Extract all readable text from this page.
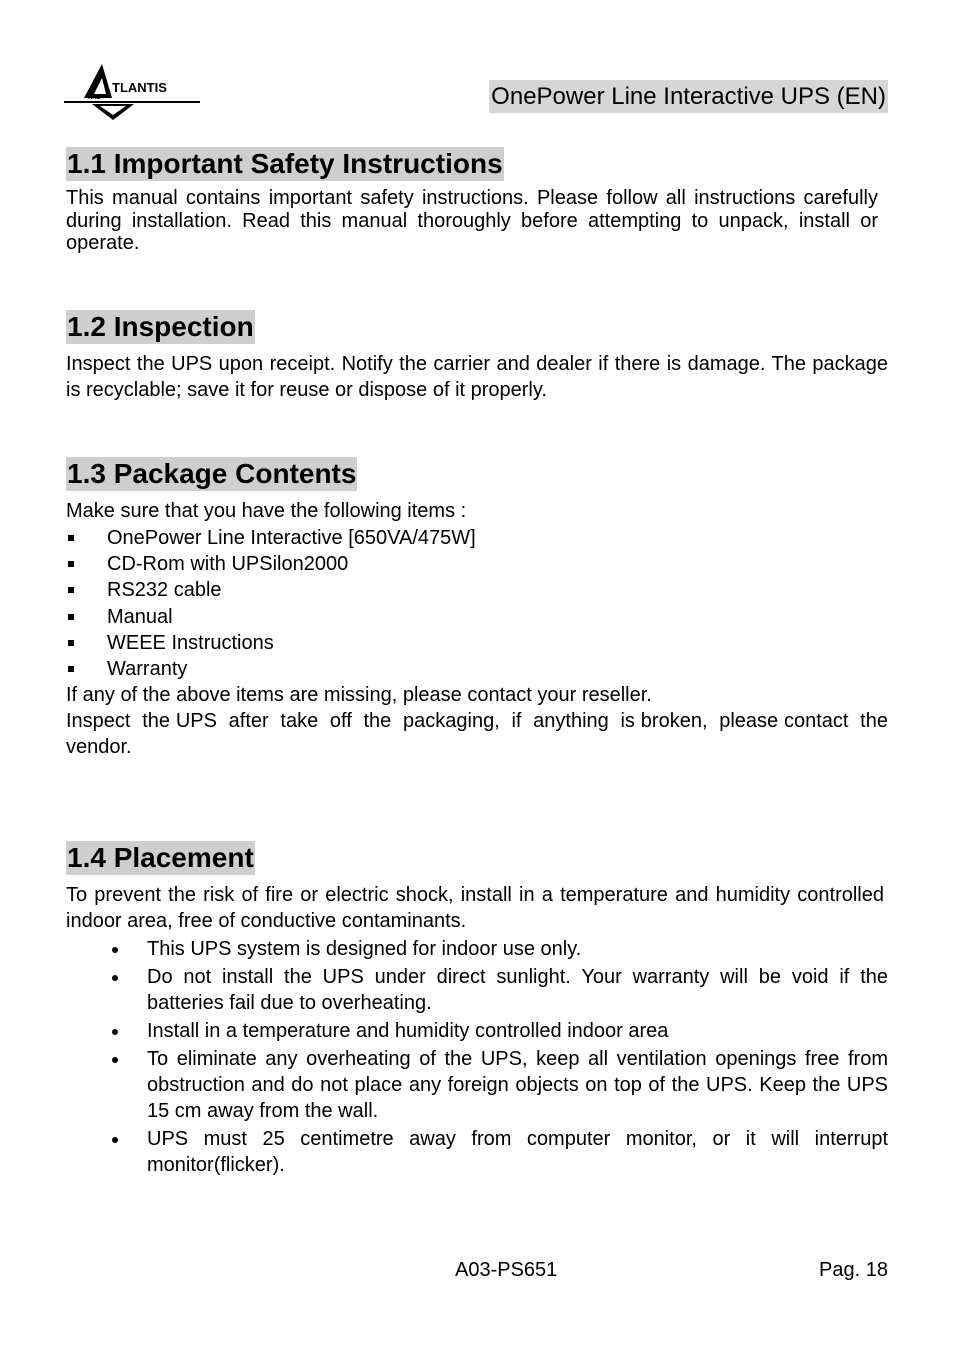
TLANTIS
AND	OnePower Line Interactive UPS (EN)
1.1 Important Safety Instructions

This manual contains important safety instructions. Please follow all instructions carefully during installation. Read this manual thoroughly before attempting to unpack, install or operate.

1.2 Inspection

Inspect the UPS upon receipt. Notify the carrier and dealer if there is damage. The package is recyclable; save it for reuse or dispose of it properly.

1.3 Package Contents

Make sure that you have the following items :

OnePower Line Interactive [650VA/475W]
CD-Rom with UPSilon2000
RS232 cable
Manual
WEEE Instructions
Warranty

If any of the above items are missing, please contact your reseller.

Inspect  the UPS  after  take  off  the  packaging,  if  anything  is broken,  please contact  the   vendor.

1.4 Placement

To prevent the risk of fire or electric shock, install in a temperature and humidity controlled indoor area, free of conductive contaminants.

This UPS system is designed for indoor use only.
Do not install the UPS under direct sunlight. Your warranty will be void if the batteries fail due to overheating.
Install in a temperature and humidity controlled indoor area
To eliminate any overheating of the UPS, keep all ventilation openings free from obstruction and do not place any foreign objects on top of the UPS. Keep the UPS 15 cm away from the wall.
UPS must 25 centimetre away from computer monitor, or it will interrupt monitor(flicker).
A03-PS651	Pag. 18
